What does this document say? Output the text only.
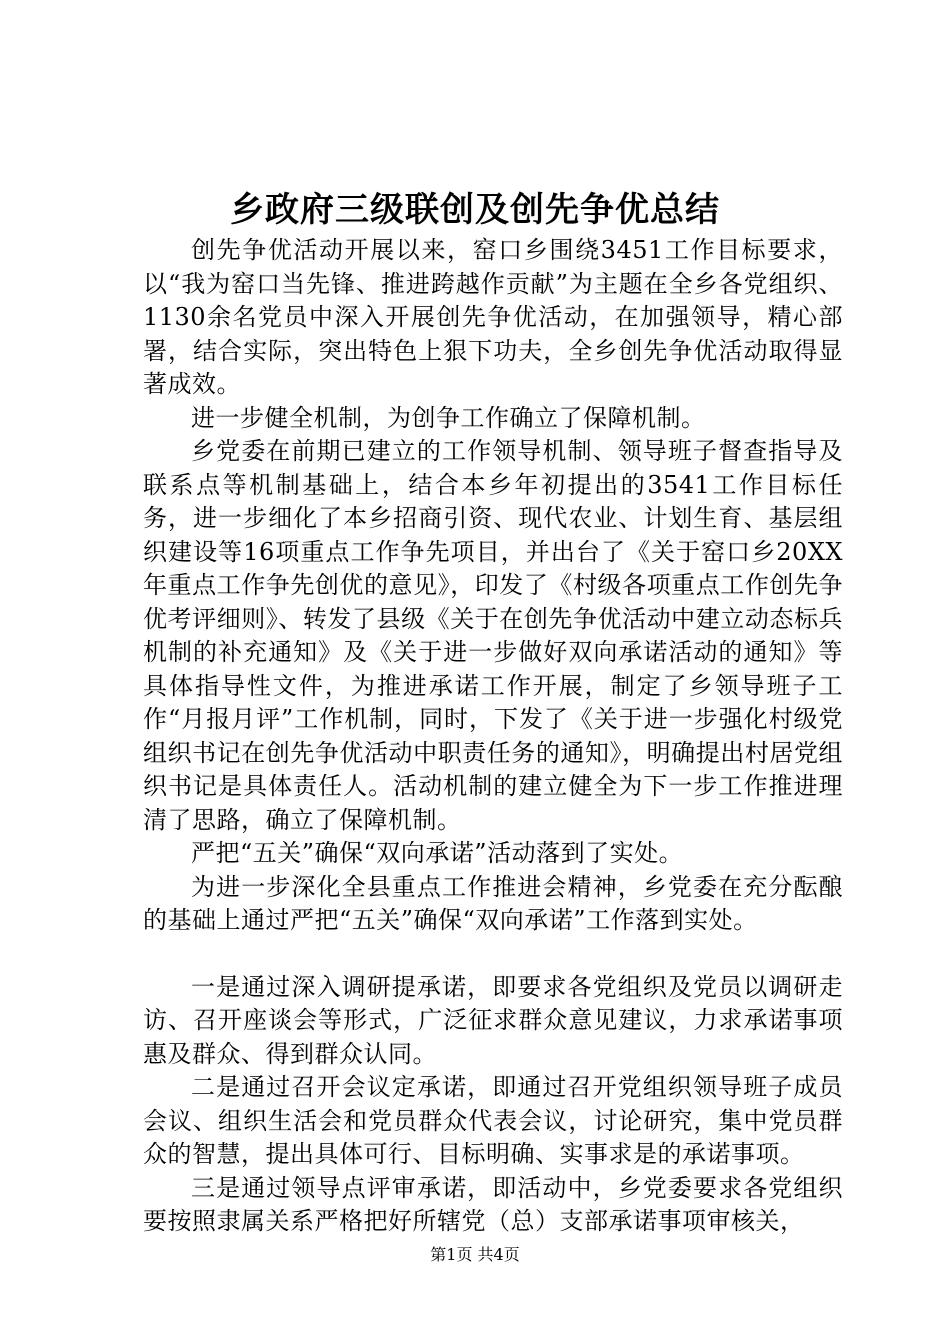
乡政府三级联创及创先争优总结

创先争优活动开展以来，窑口乡围绕3451工作目标要求，以“我为窑口当先锋、推进跨越作贡献”为主题在全乡各党组织、1130余名党员中深入开展创先争优活动，在加强领导，精心部署，结合实际，突出特色上狠下功夫，全乡创先争优活动取得显著成效。

进一步健全机制，为创争工作确立了保障机制。

乡党委在前期已建立的工作领导机制、领导班子督查指导及联系点等机制基础上，结合本乡年初提出的3541工作目标任务，进一步细化了本乡招商引资、现代农业、计划生育、基层组织建设等16项重点工作争先项目，并出台了《关于窑口乡20XX年重点工作争先创优的意见》，印发了《村级各项重点工作创先争优考评细则》、转发了县级《关于在创先争优活动中建立动态标兵机制的补充通知》及《关于进一步做好双向承诺活动的通知》等具体指导性文件，为推进承诺工作开展，制定了乡领导班子工作“月报月评”工作机制，同时，下发了《关于进一步强化村级党组织书记在创先争优活动中职责任务的通知》，明确提出村居党组织书记是具体责任人。活动机制的建立健全为下一步工作推进理清了思路，确立了保障机制。

严把“五关”确保“双向承诺”活动落到了实处。

为进一步深化全县重点工作推进会精神，乡党委在充分酝酿的基础上通过严把“五关”确保“双向承诺”工作落到实处。

一是通过深入调研提承诺，即要求各党组织及党员以调研走访、召开座谈会等形式，广泛征求群众意见建议，力求承诺事项惠及群众、得到群众认同。

二是通过召开会议定承诺，即通过召开党组织领导班子成员会议、组织生活会和党员群众代表会议，讨论研究，集中党员群众的智慧，提出具体可行、目标明确、实事求是的承诺事项。

三是通过领导点评审承诺，即活动中，乡党委要求各党组织要按照隶属关系严格把好所辖党（总）支部承诺事项审核关，

第1页 共4页
